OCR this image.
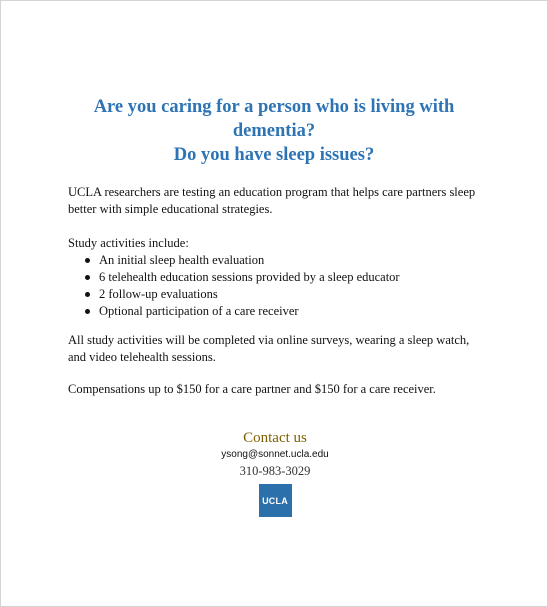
Are you caring for a person who is living with dementia?
Do you have sleep issues?

UCLA researchers are testing an education program that helps care partners sleep better with simple educational strategies.

Study activities include:

An initial sleep health evaluation
6 telehealth education sessions provided by a sleep educator
2 follow-up evaluations
Optional participation of a care receiver

All study activities will be completed via online surveys, wearing a sleep watch, and video telehealth sessions.

Compensations up to $150 for a care partner and $150 for a care receiver.

Contact us
ysong@sonnet.ucla.edu
310-983-3029
UCLA
